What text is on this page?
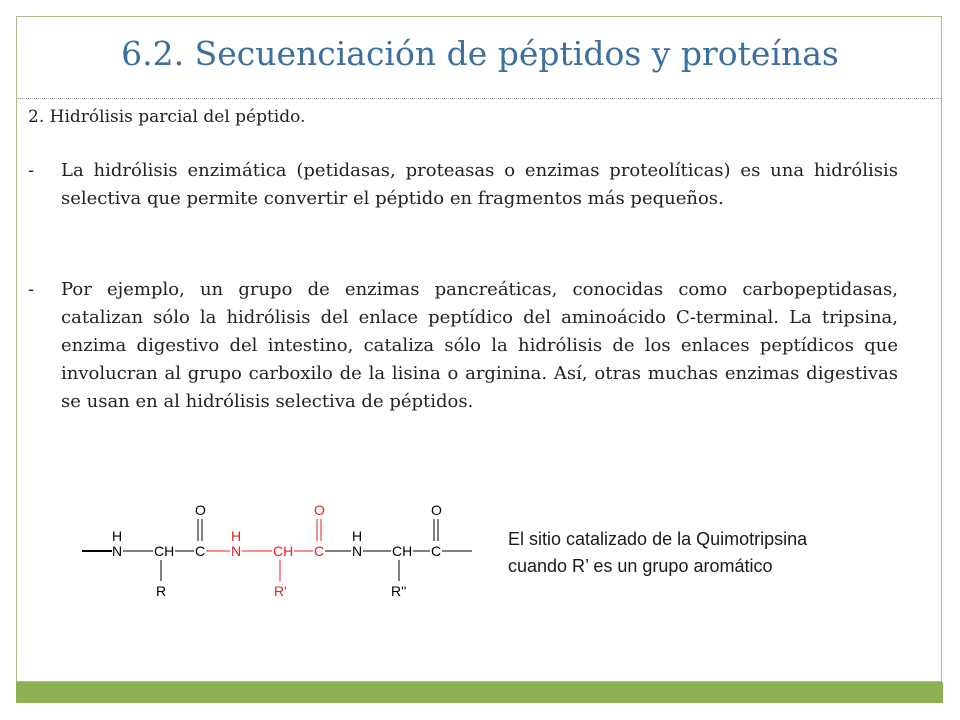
6.2. Secuenciación de péptidos y proteínas
2. Hidrólisis parcial del péptido.
- La hidrólisis enzimática (petidasas, proteasas o enzimas proteolíticas) es una hidrólisis selectiva que permite convertir el péptido en fragmentos más pequeños.
- Por ejemplo, un grupo de enzimas pancreáticas, conocidas como carbopeptidasas, catalizan sólo la hidrólisis del enlace peptídico del aminoácido C-terminal. La tripsina, enzima digestivo del intestino, cataliza sólo la hidrólisis de los enlaces peptídicos que involucran al grupo carboxilo de la lisina o arginina. Así, otras muchas enzimas digestivas se usan en al hidrólisis selectiva de péptidos.
H
N CH
R
C
O
H
N CH
R'
C
O
H
N CH
R''
C
O
El sitio catalizado de la Quimotripsina
cuando R’ es un grupo aromático
